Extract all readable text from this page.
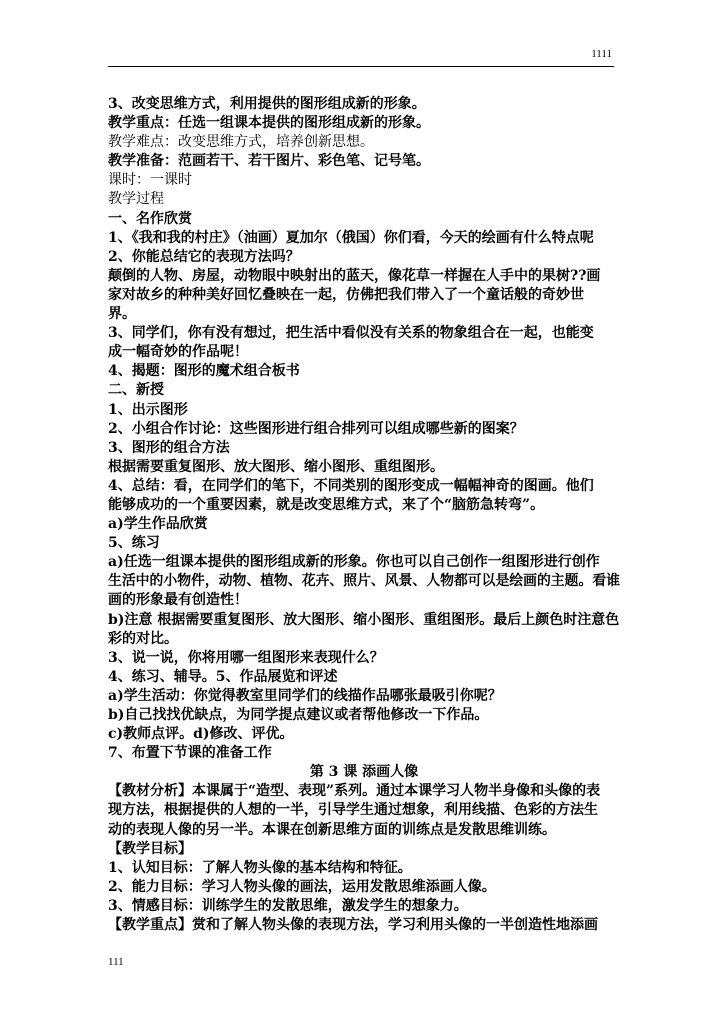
1111
3、改变思维方式，利用提供的图形组成新的形象。
教学重点：任选一组课本提供的图形组成新的形象。
教学难点：改变思维方式，培养创新思想。
教学准备：范画若干、若干图片、彩色笔、记号笔。
课时：一课时
教学过程
一、名作欣赏
1、《我和我的村庄》（油画）夏加尔（俄国）你们看，今天的绘画有什么特点呢
2、你能总结它的表现方法吗？
颠倒的人物、房屋，动物眼中映射出的蓝天，像花草一样握在人手中的果树??画
家对故乡的种种美好回忆叠映在一起，仿佛把我们带入了一个童话般的奇妙世
界。
3、同学们，你有没有想过，把生活中看似没有关系的物象组合在一起，也能变
成一幅奇妙的作品呢！
4、揭题：图形的魔术组合板书
二、新授
1、出示图形
2、小组合作讨论：这些图形进行组合排列可以组成哪些新的图案？
3、图形的组合方法
根据需要重复图形、放大图形、缩小图形、重组图形。
4、总结：看，在同学们的笔下，不同类别的图形变成一幅幅神奇的图画。他们
能够成功的一个重要因素，就是改变思维方式，来了个“脑筋急转弯”。
a)学生作品欣赏
5、练习
a)任选一组课本提供的图形组成新的形象。你也可以自己创作一组图形进行创作
生活中的小物件，动物、植物、花卉、照片、风景、人物都可以是绘画的主题。看谁
画的形象最有创造性！
b)注意 根据需要重复图形、放大图形、缩小图形、重组图形。最后上颜色时注意色
彩的对比。
3、说一说，你将用哪一组图形来表现什么？
4、练习、辅导。5、作品展览和评述
a)学生活动：你觉得教室里同学们的线描作品哪张最吸引你呢？
b)自己找找优缺点，为同学提点建议或者帮他修改一下作品。
c)教师点评。d)修改、评优。
7、布置下节课的准备工作
第 3 课 添画人像
【教材分析】本课属于“造型、表现”系列。通过本课学习人物半身像和头像的表
现方法，根据提供的人想的一半，引导学生通过想象，利用线描、色彩的方法生
动的表现人像的另一半。本课在创新思维方面的训练点是发散思维训练。
【教学目标】
1、认知目标：了解人物头像的基本结构和特征。
2、能力目标：学习人物头像的画法，运用发散思维添画人像。
3、情感目标：训练学生的发散思维，激发学生的想象力。
【教学重点】赏和了解人物头像的表现方法，学习利用头像的一半创造性地添画
111
